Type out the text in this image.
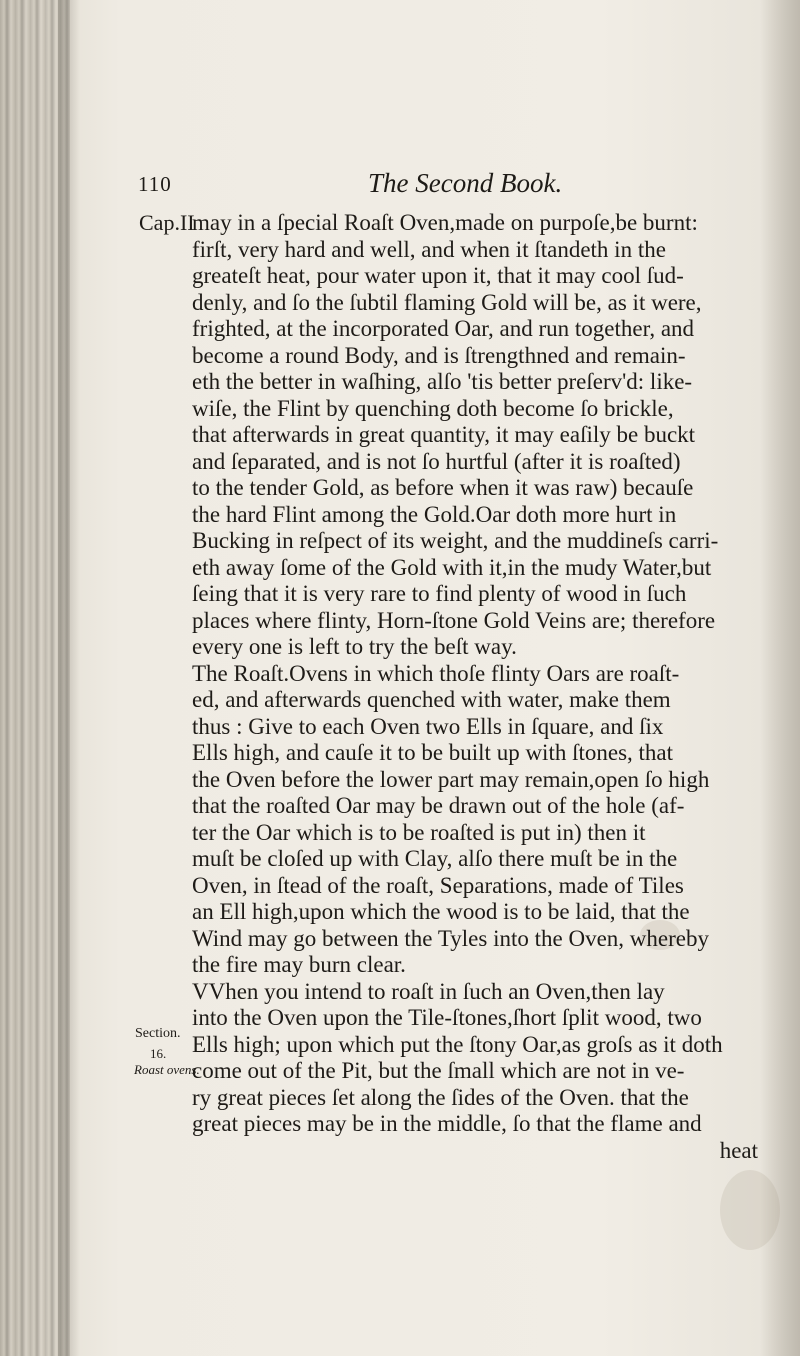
110	The Second Book.
Cap.II
Section.
16.
Roast ovens.
may in a ſpecial Roaſt Oven,made on purpoſe,be burnt:
firſt, very hard and well, and when it ſtandeth in the
greateſt heat, pour water upon it, that it may cool ſud-
denly, and ſo the ſubtil flaming Gold will be, as it were,
frighted, at the incorporated Oar, and run together, and
become a round Body, and is ſtrengthned and remain-
eth the better in waſhing, alſo 'tis better preſerv'd: like-
wiſe, the Flint by quenching doth become ſo brickle,
that afterwards in great quantity, it may eaſily be buckt
and ſeparated, and is not ſo hurtful (after it is roaſted)
to the tender Gold, as before when it was raw) becauſe
the hard Flint among the Gold.Oar doth more hurt in
Bucking in reſpect of its weight, and the muddineſs carri-
eth away ſome of the Gold with it,in the mudy Water,but
ſeing that it is very rare to find plenty of wood in ſuch
places where flinty, Horn-ſtone Gold Veins are; therefore
every one is left to try the beſt way.
The Roaſt.Ovens in which thoſe flinty Oars are roaſt-
ed, and afterwards quenched with water, make them
thus : Give to each Oven two Ells in ſquare, and ſix
Ells high, and cauſe it to be built up with ſtones, that
the Oven before the lower part may remain,open ſo high
that the roaſted Oar may be drawn out of the hole (af-
ter the Oar which is to be roaſted is put in) then it
muſt be cloſed up with Clay, alſo there muſt be in the
Oven, in ſtead of the roaſt, Separations, made of Tiles
an Ell high,upon which the wood is to be laid, that the
Wind may go between the Tyles into the Oven, whereby
the fire may burn clear.
VVhen you intend to roaſt in ſuch an Oven,then lay
into the Oven upon the Tile-ſtones,ſhort ſplit wood, two
Ells high; upon which put the ſtony Oar,as groſs as it doth
come out of the Pit, but the ſmall which are not in ve-
ry great pieces ſet along the ſides of the Oven. that the
great pieces may be in the middle, ſo that the flame and
heat
